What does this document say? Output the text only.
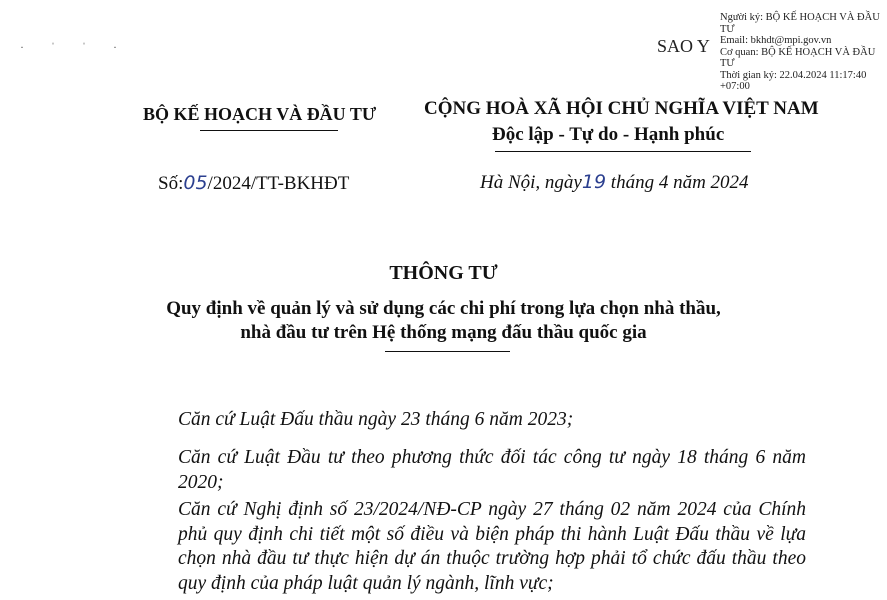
· ˈ ˈ ·	SAO Y
Người ký: BỘ KẾ HOẠCH VÀ ĐẦU TƯ
Email: bkhdt@mpi.gov.vn
Cơ quan: BỘ KẾ HOẠCH VÀ ĐẦU TƯ
Thời gian ký: 22.04.2024 11:17:40 +07:00
BỘ KẾ HOẠCH VÀ ĐẦU TƯ	CỘNG HOÀ XÃ HỘI CHỦ NGHĨA VIỆT NAM
Độc lập - Tự do - Hạnh phúc
Số:05/2024/TT-BKHĐT	Hà Nội, ngày19 tháng 4 năm 2024
THÔNG TƯ
Quy định về quản lý và sử dụng các chi phí trong lựa chọn nhà thầu,
nhà đầu tư trên Hệ thống mạng đấu thầu quốc gia
Căn cứ Luật Đấu thầu ngày 23 tháng 6 năm 2023;
Căn cứ Luật Đầu tư theo phương thức đối tác công tư ngày 18 tháng 6 năm 2020;
Căn cứ Nghị định số 23/2024/NĐ-CP ngày 27 tháng 02 năm 2024 của Chính phủ quy định chi tiết một số điều và biện pháp thi hành Luật Đấu thầu về lựa chọn nhà đầu tư thực hiện dự án thuộc trường hợp phải tổ chức đấu thầu theo quy định của pháp luật quản lý ngành, lĩnh vực;
